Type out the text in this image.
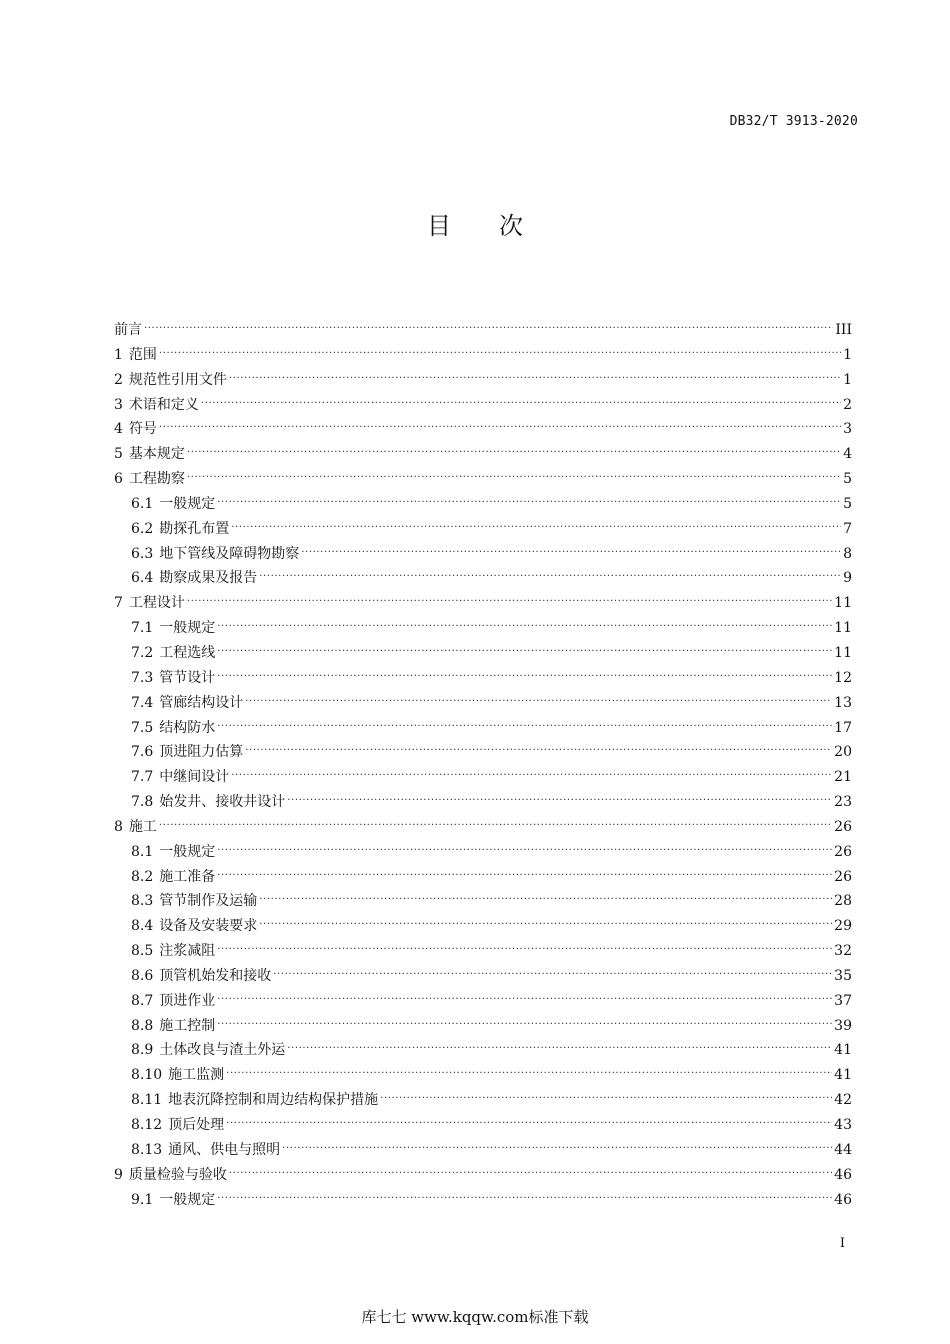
DB32/T 3913-2020
目 次
前言 .....	III
1 范围 .....	1
2 规范性引用文件 .....	1
3 术语和定义 .....	2
4 符号 .....	3
5 基本规定 .....	4
6 工程勘察 .....	5
6.1 一般规定 .....	5
6.2 勘探孔布置 .....	7
6.3 地下管线及障碍物勘察 .....	8
6.4 勘察成果及报告 .....	9
7 工程设计 .....	11
7.1 一般规定 .....	11
7.2 工程选线 .....	11
7.3 管节设计 .....	12
7.4 管廊结构设计 .....	13
7.5 结构防水 .....	17
7.6 顶进阻力估算 .....	20
7.7 中继间设计 .....	21
7.8 始发井、接收井设计 .....	23
8 施工 .....	26
8.1 一般规定 .....	26
8.2 施工准备 .....	26
8.3 管节制作及运输 .....	28
8.4 设备及安装要求 .....	29
8.5 注浆减阻 .....	32
8.6 顶管机始发和接收 .....	35
8.7 顶进作业 .....	37
8.8 施工控制 .....	39
8.9 土体改良与渣土外运 .....	41
8.10 施工监测 .....	41
8.11 地表沉降控制和周边结构保护措施 .....	42
8.12 顶后处理 .....	43
8.13 通风、供电与照明 .....	44
9 质量检验与验收 .....	46
9.1 一般规定 .....	46
I
库七七 www.kqqw.com标准下载
